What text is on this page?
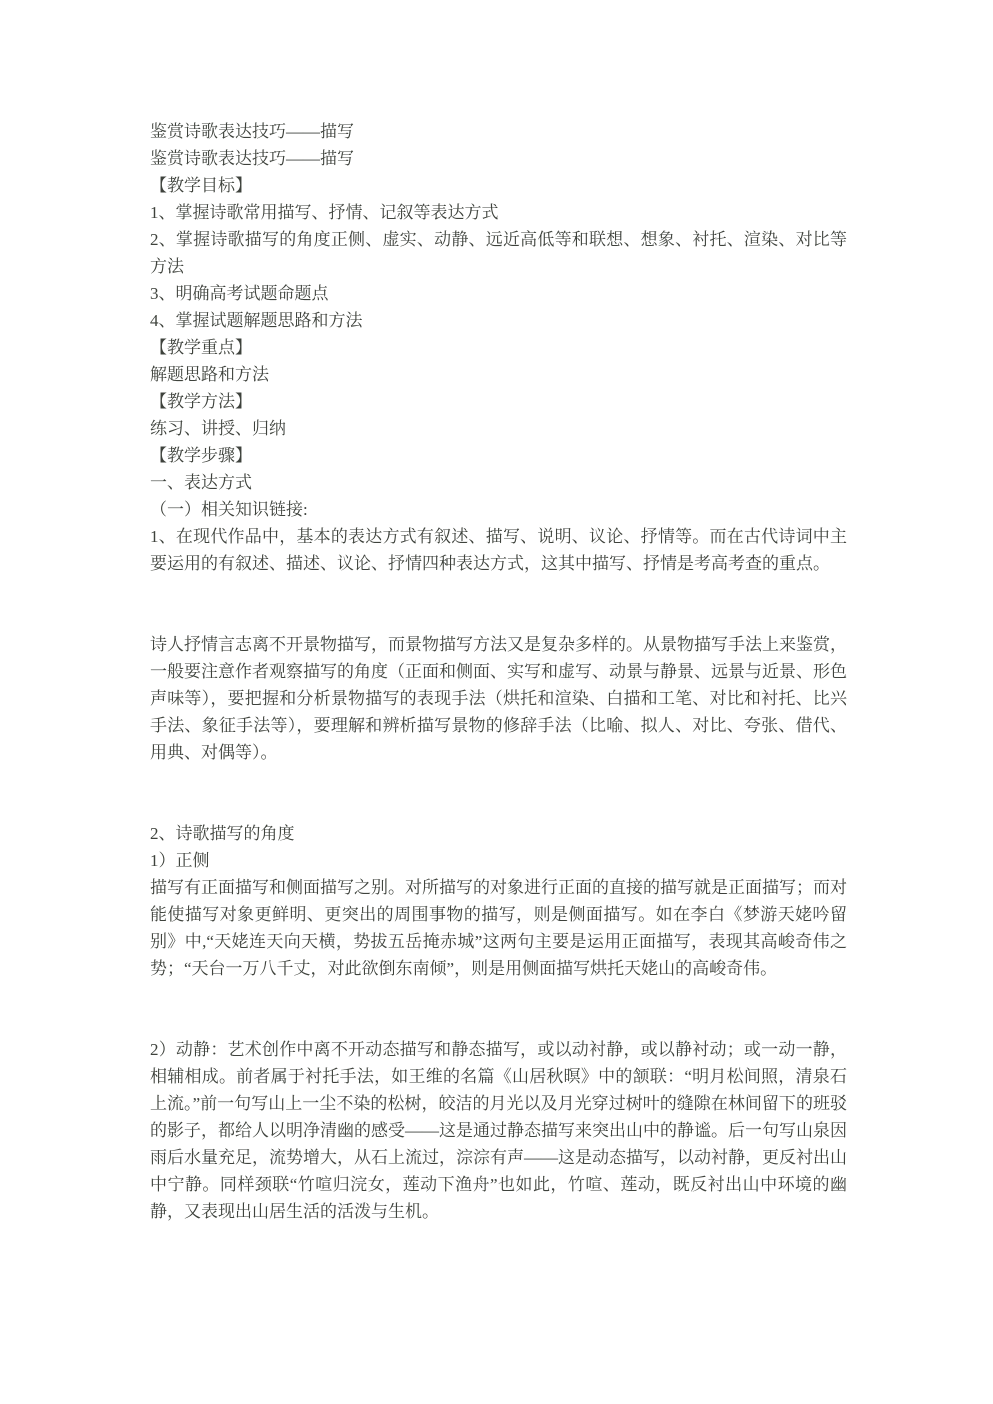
鉴赏诗歌表达技巧——描写

鉴赏诗歌表达技巧——描写

【教学目标】

1、掌握诗歌常用描写、抒情、记叙等表达方式

2、掌握诗歌描写的角度正侧、虚实、动静、远近高低等和联想、想象、衬托、渲染、对比等方法

3、明确高考试题命题点

4、掌握试题解题思路和方法

【教学重点】

解题思路和方法

【教学方法】

练习、讲授、归纳

【教学步骤】

一、表达方式

（一）相关知识链接:

1、在现代作品中，基本的表达方式有叙述、描写、说明、议论、抒情等。而在古代诗词中主要运用的有叙述、描述、议论、抒情四种表达方式，这其中描写、抒情是考高考查的重点。

诗人抒情言志离不开景物描写，而景物描写方法又是复杂多样的。从景物描写手法上来鉴赏，一般要注意作者观察描写的角度（正面和侧面、实写和虚写、动景与静景、远景与近景、形色声味等），要把握和分析景物描写的表现手法（烘托和渲染、白描和工笔、对比和衬托、比兴手法、象征手法等），要理解和辨析描写景物的修辞手法（比喻、拟人、对比、夸张、借代、用典、对偶等）。

2、诗歌描写的角度

1）正侧

描写有正面描写和侧面描写之别。对所描写的对象进行正面的直接的描写就是正面描写；而对能使描写对象更鲜明、更突出的周围事物的描写，则是侧面描写。如在李白《梦游天姥吟留别》中,“天姥连天向天横，势拔五岳掩赤城”这两句主要是运用正面描写，表现其高峻奇伟之势；“天台一万八千丈，对此欲倒东南倾”，则是用侧面描写烘托天姥山的高峻奇伟。

2）动静：艺术创作中离不开动态描写和静态描写，或以动衬静，或以静衬动；或一动一静，相辅相成。前者属于衬托手法，如王维的名篇《山居秋暝》中的颔联：“明月松间照，清泉石上流。”前一句写山上一尘不染的松树，皎洁的月光以及月光穿过树叶的缝隙在林间留下的班驳的影子，都给人以明净清幽的感受——这是通过静态描写来突出山中的静谧。后一句写山泉因雨后水量充足，流势增大，从石上流过，淙淙有声——这是动态描写，以动衬静，更反衬出山中宁静。同样颈联“竹喧归浣女，莲动下渔舟”也如此，竹喧、莲动，既反衬出山中环境的幽静，又表现出山居生活的活泼与生机。
